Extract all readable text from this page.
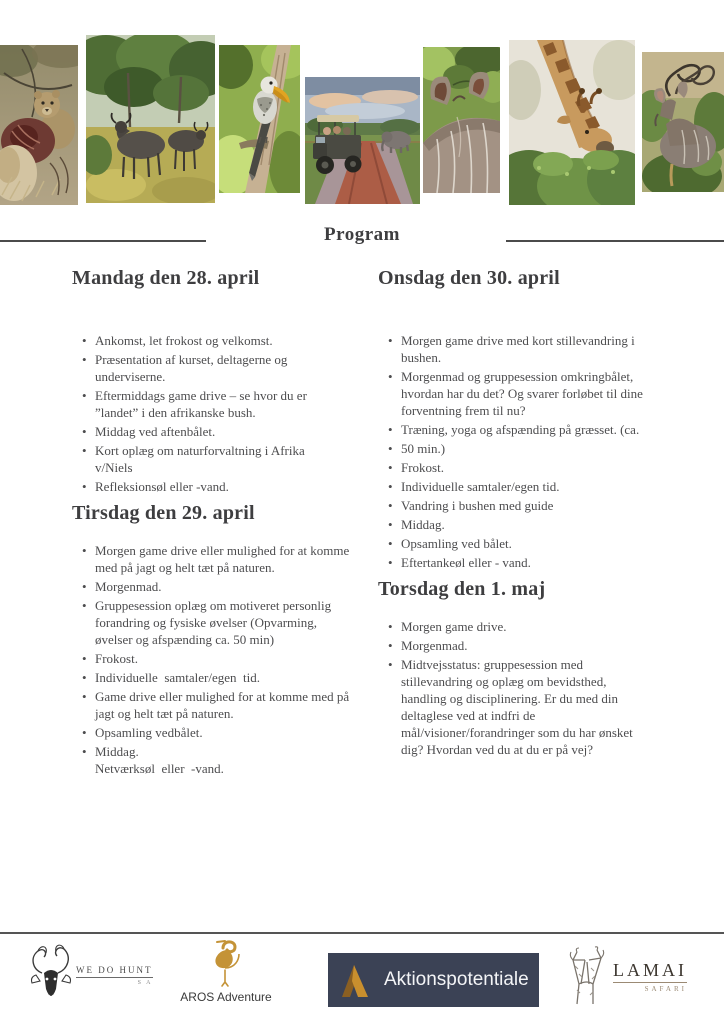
Program
Mandag den 28. april
• Ankomst, let frokost og velkomst.
• Præsentation af kurset, deltagerne og
underviserne.
• Eftermiddags game drive – se hvor du er
”landet” i den afrikanske bush.
• Middag ved aftenbålet.
• Kort oplæg om naturforvaltning i Afrika
v/Niels
• Refleksionsøl eller -vand.
Tirsdag den 29. april
• Morgen game drive eller mulighed for at komme
med på jagt og helt tæt på naturen.
• Morgenmad.
• Gruppesession oplæg om motiveret personlig
forandring og fysiske øvelser (Opvarming,
øvelser og afspænding ca. 50 min)
• Frokost.
• Individuelle  samtaler/egen  tid.
• Game drive eller mulighed for at komme med på
jagt og helt tæt på naturen.
• Opsamling vedbålet.
• Middag.
Netværksøl  eller  -vand.
Onsdag den 30. april
• Morgen game drive med kort stillevandring i
bushen.
• Morgenmad og gruppesession omkringbålet,
hvordan har du det? Og svarer forløbet til dine
forventning frem til nu?
• Træning, yoga og afspænding på græsset. (ca.
• 50 min.)
• Frokost.
• Individuelle samtaler/egen tid.
• Vandring i bushen med guide
• Middag.
• Opsamling ved bålet.
• Eftertankeøl eller - vand.
Torsdag den 1. maj
• Morgen game drive.
• Morgenmad.
• Midtvejsstatus: gruppesession med
stillevandring og oplæg om bevidsthed,
handling og disciplinering. Er du med din
deltaglese ved at indfri de
mål/visioner/forandringer som du har ønsket
dig? Hvordan ved du at du er på vej?
WE DO HUNT
S A
AROS Adventure
Aktionspotentiale	LAMAI
SAFARI
